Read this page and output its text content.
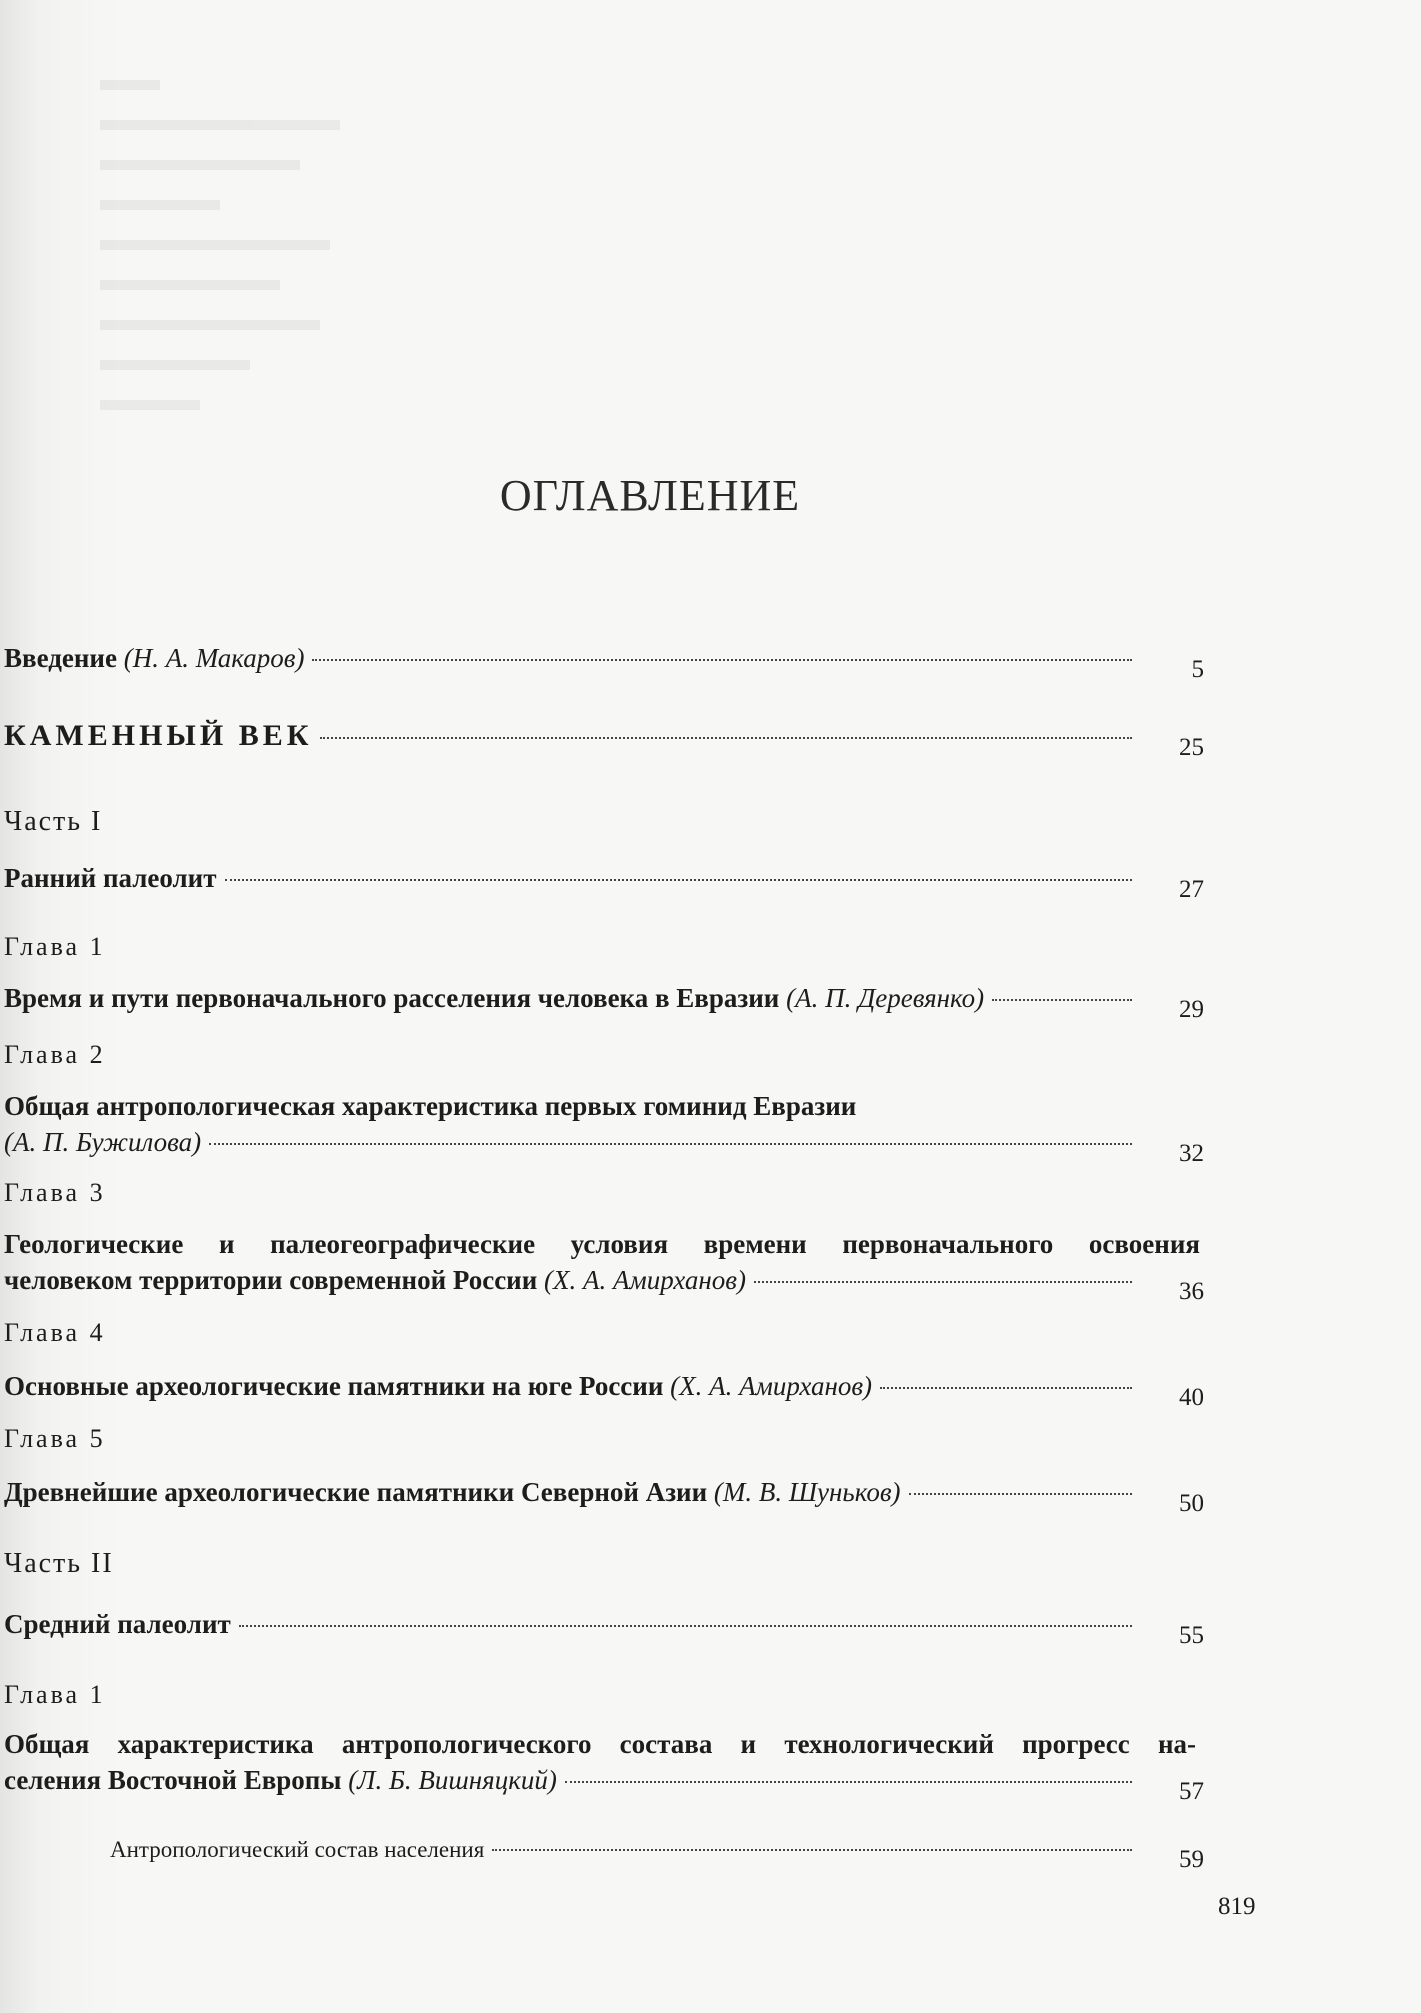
ОГЛАВЛЕНИЕ
Введение (Н. А. Макаров)	5
КАМЕННЫЙ ВЕК	25
Часть I
Ранний палеолит	27
Глава 1
Время и пути первоначального расселения человека в Евразии (А. П. Деревянко)	29
Глава 2
Общая антропологическая характеристика первых гоминид Евразии
(А. П. Бужилова)	32
Глава 3
Геологические и палеогеографические условия времени первоначального освоения
человеком территории современной России (Х. А. Амирханов)	36
Глава 4
Основные археологические памятники на юге России (Х. А. Амирханов)	40
Глава 5
Древнейшие археологические памятники Северной Азии (М. В. Шуньков)	50
Часть II
Средний палеолит	55
Глава 1
Общая характеристика антропологического состава и технологический прогресс на-
селения Восточной Европы (Л. Б. Вишняцкий)	57
Антропологический состав населения	59
819
